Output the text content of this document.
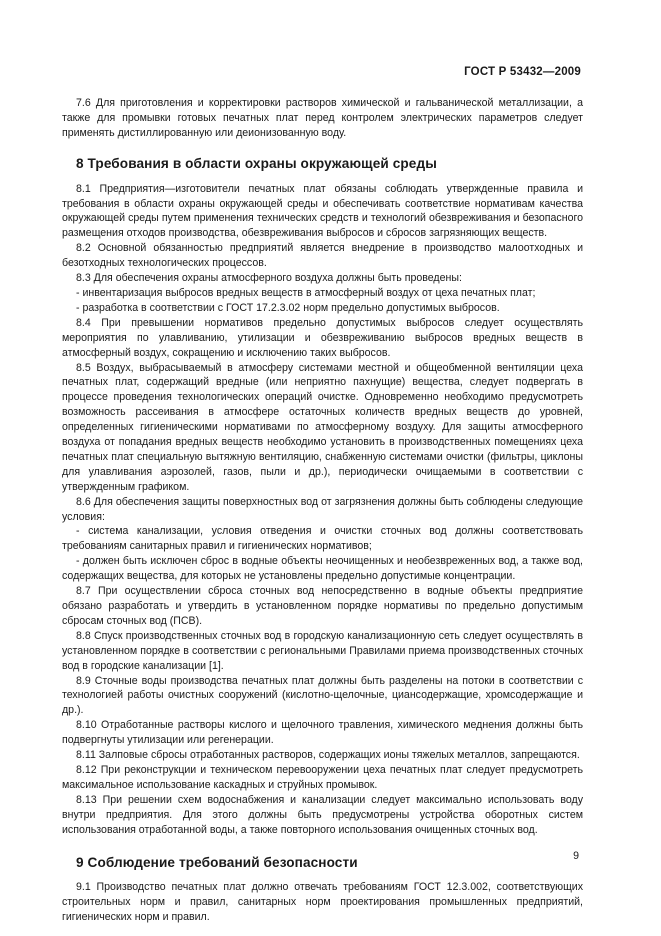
ГОСТ Р 53432—2009

7.6 Для приготовления и корректировки растворов химической и гальванической металлизации, а также для промывки готовых печатных плат перед контролем электрических параметров следует применять дистиллированную или деионизованную воду.

8 Требования в области охраны окружающей среды

8.1 Предприятия—изготовители печатных плат обязаны соблюдать утвержденные правила и требования в области охраны окружающей среды и обеспечивать соответствие нормативам качества окружающей среды путем применения технических средств и технологий обезвреживания и безопасного размещения отходов производства, обезвреживания выбросов и сбросов загрязняющих веществ.

8.2 Основной обязанностью предприятий является внедрение в производство малоотходных и безотходных технологических процессов.

8.3 Для обеспечения охраны атмосферного воздуха должны быть проведены:

- инвентаризация выбросов вредных веществ в атмосферный воздух от цеха печатных плат;

- разработка в соответствии с ГОСТ 17.2.3.02 норм предельно допустимых выбросов.

8.4 При превышении нормативов предельно допустимых выбросов следует осуществлять мероприятия по улавливанию, утилизации и обезвреживанию выбросов вредных веществ в атмосферный воздух, сокращению и исключению таких выбросов.

8.5 Воздух, выбрасываемый в атмосферу системами местной и общеобменной вентиляции цеха печатных плат, содержащий вредные (или неприятно пахнущие) вещества, следует подвергать в процессе проведения технологических операций очистке. Одновременно необходимо предусмотреть возможность рассеивания в атмосфере остаточных количеств вредных веществ до уровней, определенных гигиеническими нормативами по атмосферному воздуху. Для защиты атмосферного воздуха от попадания вредных веществ необходимо установить в производственных помещениях цеха печатных плат специальную вытяжную вентиляцию, снабженную системами очистки (фильтры, циклоны для улавливания аэрозолей, газов, пыли и др.), периодически очищаемыми в соответствии с утвержденным графиком.

8.6 Для обеспечения защиты поверхностных вод от загрязнения должны быть соблюдены следующие условия:

- система канализации, условия отведения и очистки сточных вод должны соответствовать требованиям санитарных правил и гигиенических нормативов;

- должен быть исключен сброс в водные объекты неочищенных и необезвреженных вод, а также вод, содержащих вещества, для которых не установлены предельно допустимые концентрации.

8.7 При осуществлении сброса сточных вод непосредственно в водные объекты предприятие обязано разработать и утвердить в установленном порядке нормативы по предельно допустимым сбросам сточных вод (ПСВ).

8.8 Спуск производственных сточных вод в городскую канализационную сеть следует осуществлять в установленном порядке в соответствии с региональными Правилами приема производственных сточных вод в городские канализации [1].

8.9 Сточные воды производства печатных плат должны быть разделены на потоки в соответствии с технологией работы очистных сооружений (кислотно-щелочные, циансодержащие, хромсодержащие и др.).

8.10 Отработанные растворы кислого и щелочного травления, химического меднения должны быть подвергнуты утилизации или регенерации.

8.11 Залповые сбросы отработанных растворов, содержащих ионы тяжелых металлов, запрещаются.

8.12 При реконструкции и техническом перевооружении цеха печатных плат следует предусмотреть максимальное использование каскадных и струйных промывок.

8.13 При решении схем водоснабжения и канализации следует максимально использовать воду внутри предприятия. Для этого должны быть предусмотрены устройства оборотных систем использования отработанной воды, а также повторного использования очищенных сточных вод.

9 Соблюдение требований безопасности

9.1 Производство печатных плат должно отвечать требованиям ГОСТ 12.3.002, соответствующих строительных норм и правил, санитарных норм проектирования промышленных предприятий, гигиенических норм и правил.

9
